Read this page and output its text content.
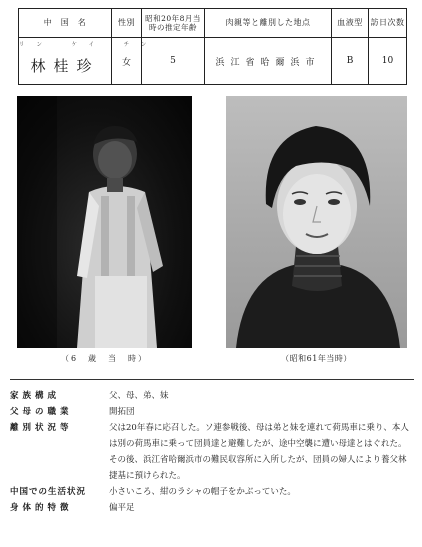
中　国　名	性別	昭和20年8月当時の推定年齢	肉親等と離別した地点	血液型	訪日次数

リン　ケイ　チン
林桂珍	女	5	浜江省哈爾浜市	B	10
（6　歳　当　時）	（昭和61年当時）
家族構成	父、母、弟、妹
父母の職業	開拓団
離別状況等	父は20年春に応召した。ソ連参戦後、母は弟と妹を連れて荷馬車に乗り、本人は別の荷馬車に乗って団員達と避難したが、途中空襲に遭い母達とはぐれた。その後、浜江省哈爾浜市の難民収容所に入所したが、団員の婦人により養父林捷基に預けられた。
中国での生活状況	小さいころ、紺のラシャの帽子をかぶっていた。
身体的特徴	偏平足
